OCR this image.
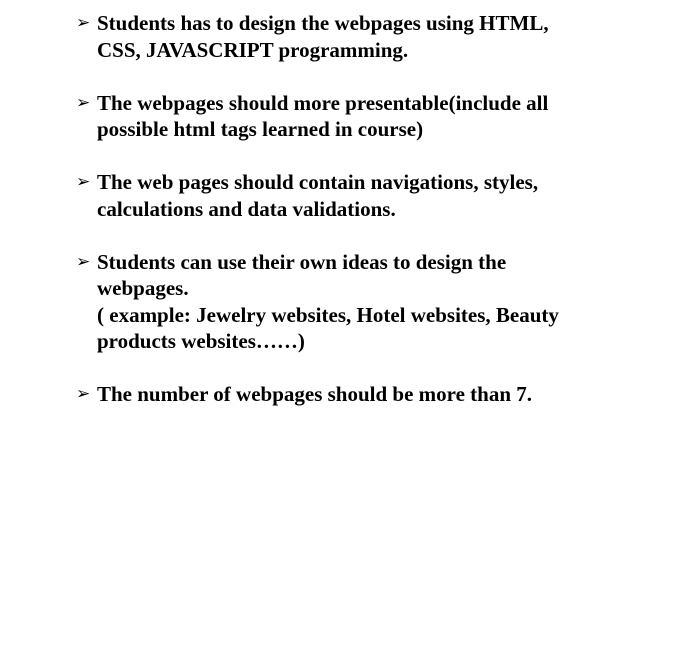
➢ Students has to design the webpages using HTML,
CSS, JAVASCRIPT programming.
➢ The webpages should more presentable(include all
possible html tags learned in course)
➢ The web pages should contain navigations, styles,
calculations and data validations.
➢ Students can use their own ideas to design the
webpages.
( example: Jewelry websites, Hotel websites, Beauty
products websites……)
➢ The number of webpages should be more than 7.
